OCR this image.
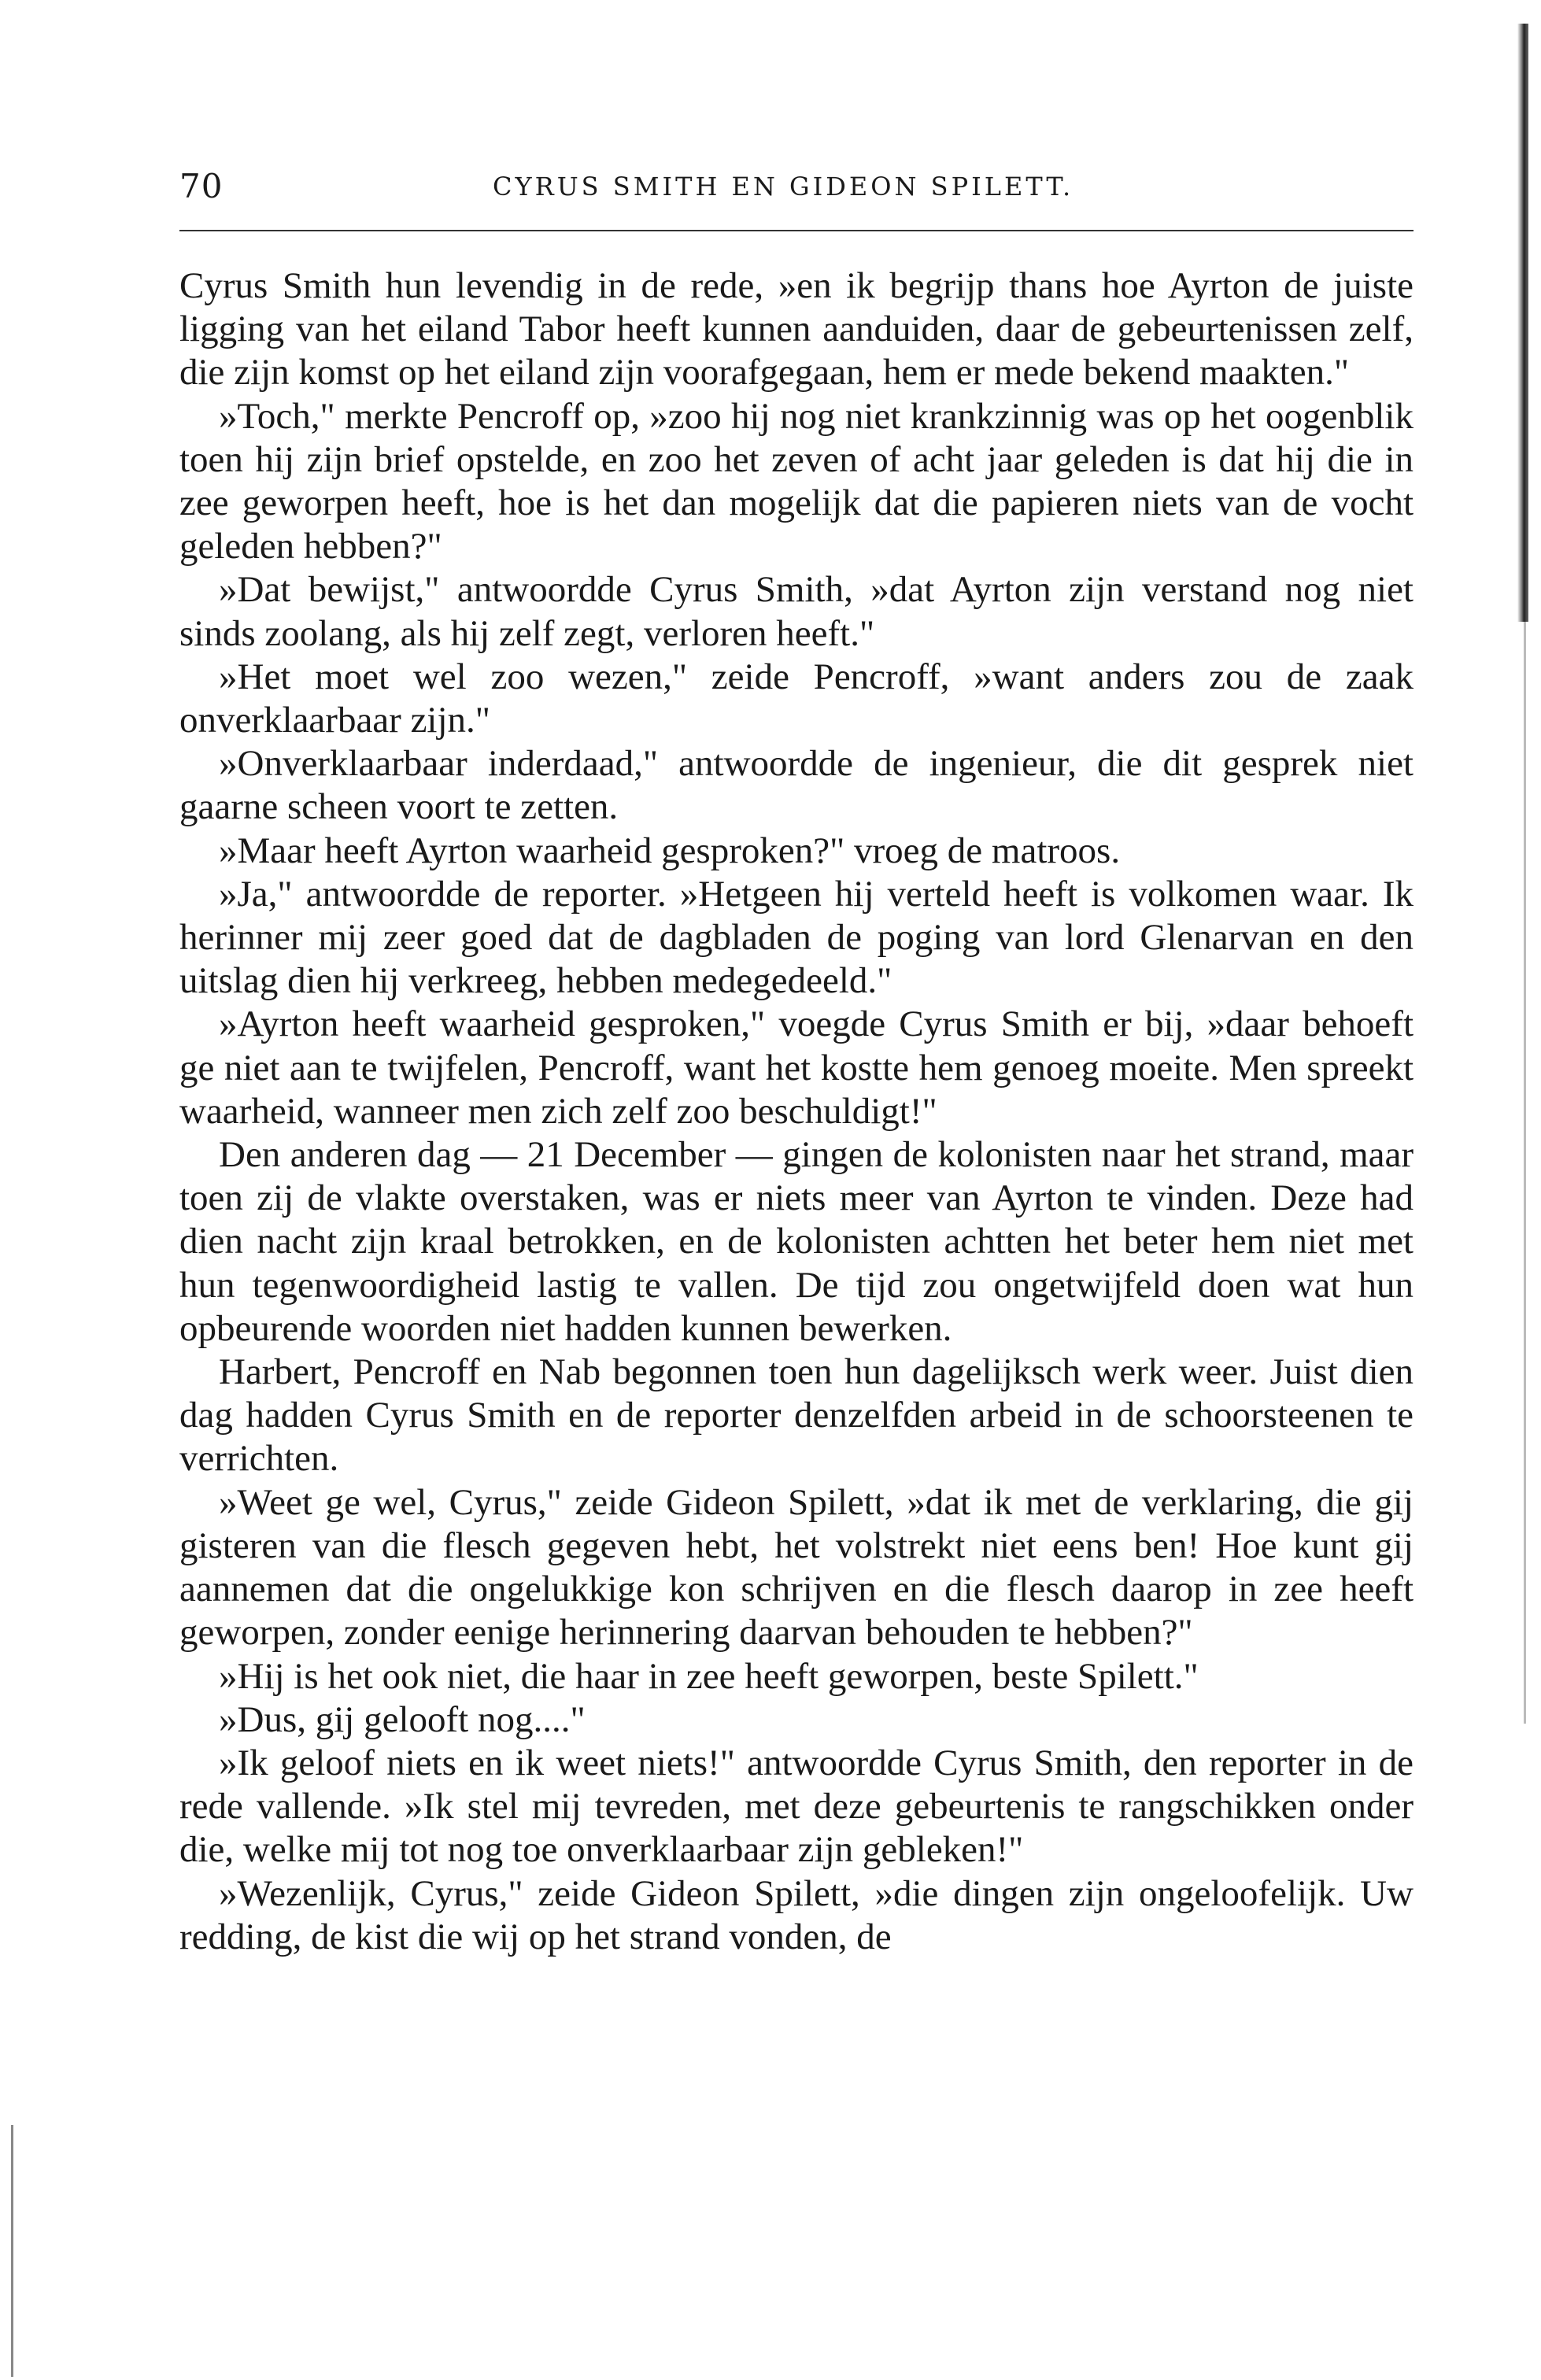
70	CYRUS SMITH EN GIDEON SPILETT.

Cyrus Smith hun levendig in de rede, »en ik begrijp thans hoe Ayrton de juiste ligging van het eiland Tabor heeft kunnen aanduiden, daar de gebeurtenissen zelf, die zijn komst op het eiland zijn voorafgegaan, hem er mede bekend maakten."

»Toch," merkte Pencroff op, »zoo hij nog niet krankzinnig was op het oogenblik toen hij zijn brief opstelde, en zoo het zeven of acht jaar geleden is dat hij die in zee geworpen heeft, hoe is het dan mogelijk dat die papieren niets van de vocht geleden hebben?"

»Dat bewijst," antwoordde Cyrus Smith, »dat Ayrton zijn verstand nog niet sinds zoolang, als hij zelf zegt, verloren heeft."

»Het moet wel zoo wezen," zeide Pencroff, »want anders zou de zaak onverklaarbaar zijn."

»Onverklaarbaar inderdaad," antwoordde de ingenieur, die dit gesprek niet gaarne scheen voort te zetten.

»Maar heeft Ayrton waarheid gesproken?" vroeg de matroos.

»Ja," antwoordde de reporter. »Hetgeen hij verteld heeft is volkomen waar. Ik herinner mij zeer goed dat de dagbladen de poging van lord Glenarvan en den uitslag dien hij verkreeg, hebben medegedeeld."

»Ayrton heeft waarheid gesproken," voegde Cyrus Smith er bij, »daar behoeft ge niet aan te twijfelen, Pencroff, want het kostte hem genoeg moeite. Men spreekt waarheid, wanneer men zich zelf zoo beschuldigt!"

Den anderen dag — 21 December — gingen de kolonisten naar het strand, maar toen zij de vlakte overstaken, was er niets meer van Ayrton te vinden. Deze had dien nacht zijn kraal betrokken, en de kolonisten achtten het beter hem niet met hun tegenwoordigheid lastig te vallen. De tijd zou ongetwijfeld doen wat hun opbeurende woorden niet hadden kunnen bewerken.

Harbert, Pencroff en Nab begonnen toen hun dagelijksch werk weer. Juist dien dag hadden Cyrus Smith en de reporter denzelfden arbeid in de schoorsteenen te verrichten.

»Weet ge wel, Cyrus," zeide Gideon Spilett, »dat ik met de verklaring, die gij gisteren van die flesch gegeven hebt, het volstrekt niet eens ben! Hoe kunt gij aannemen dat die ongelukkige kon schrijven en die flesch daarop in zee heeft geworpen, zonder eenige herinnering daarvan behouden te hebben?"

»Hij is het ook niet, die haar in zee heeft geworpen, beste Spilett."

»Dus, gij gelooft nog...."

»Ik geloof niets en ik weet niets!" antwoordde Cyrus Smith, den reporter in de rede vallende. »Ik stel mij tevreden, met deze gebeurtenis te rangschikken onder die, welke mij tot nog toe onverklaarbaar zijn gebleken!"

»Wezenlijk, Cyrus," zeide Gideon Spilett, »die dingen zijn ongeloofelijk. Uw redding, de kist die wij op het strand vonden, de
